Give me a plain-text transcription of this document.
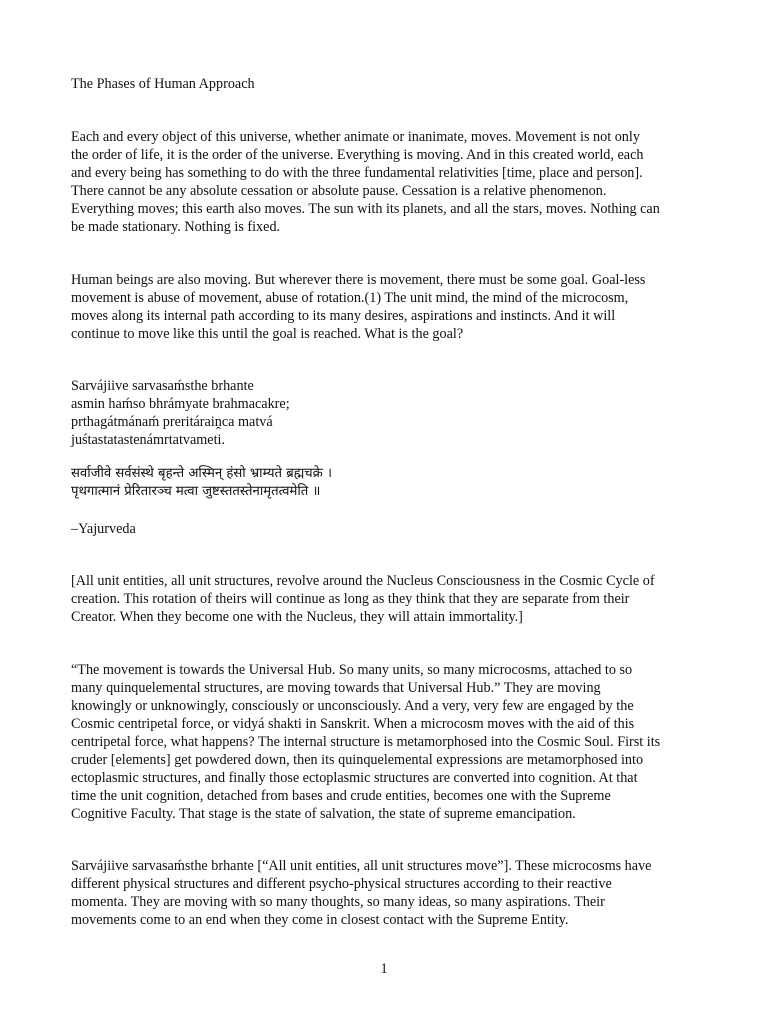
The Phases of Human Approach
Each and every object of this universe, whether animate or inanimate, moves. Movement is not only
the order of life, it is the order of the universe. Everything is moving. And in this created world, each
and every being has something to do with the three fundamental relativities [time, place and person].
There cannot be any absolute cessation or absolute pause. Cessation is a relative phenomenon.
Everything moves; this earth also moves. The sun with its planets, and all the stars, moves. Nothing can
be made stationary. Nothing is fixed.
Human beings are also moving. But wherever there is movement, there must be some goal. Goal-less
movement is abuse of movement, abuse of rotation.(1) The unit mind, the mind of the microcosm,
moves along its internal path according to its many desires, aspirations and instincts. And it will
continue to move like this until the goal is reached. What is the goal?
Sarvájiive sarvasaḿsthe brhante
asmin haḿso bhrámyate brahmacakre;
prthagátmánaḿ preritáraiṋca matvá
juśtastatastenámrtatvameti.
सर्वाजीवे सर्वसंस्थे बृहन्ते अस्मिन् हंसो भ्राम्यते ब्रह्मचक्रे ।
पृथगात्मानं प्रेरितारञ्च मत्वा जुष्टस्ततस्तेनामृतत्वमेति ॥
–Yajurveda
[All unit entities, all unit structures, revolve around the Nucleus Consciousness in the Cosmic Cycle of
creation. This rotation of theirs will continue as long as they think that they are separate from their
Creator. When they become one with the Nucleus, they will attain immortality.]
“The movement is towards the Universal Hub. So many units, so many microcosms, attached to so
many quinquelemental structures, are moving towards that Universal Hub.” They are moving
knowingly or unknowingly, consciously or unconsciously. And a very, very few are engaged by the
Cosmic centripetal force, or vidyá shakti in Sanskrit. When a microcosm moves with the aid of this
centripetal force, what happens? The internal structure is metamorphosed into the Cosmic Soul. First its
cruder [elements] get powdered down, then its quinquelemental expressions are metamorphosed into
ectoplasmic structures, and finally those ectoplasmic structures are converted into cognition. At that
time the unit cognition, detached from bases and crude entities, becomes one with the Supreme
Cognitive Faculty. That stage is the state of salvation, the state of supreme emancipation.
Sarvájiive sarvasaḿsthe brhante [“All unit entities, all unit structures move”]. These microcosms have
different physical structures and different psycho-physical structures according to their reactive
momenta. They are moving with so many thoughts, so many ideas, so many aspirations. Their
movements come to an end when they come in closest contact with the Supreme Entity.
1
